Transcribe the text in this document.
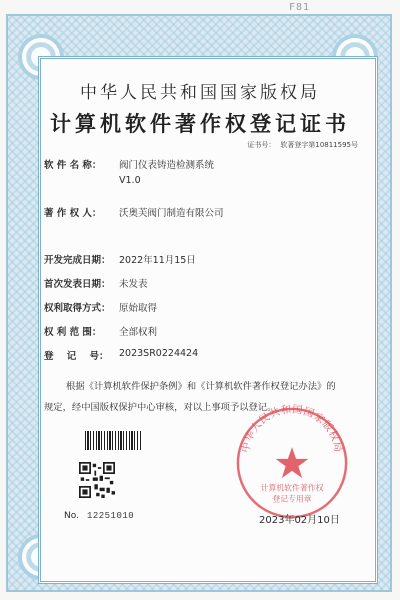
F81
中华人民共和国国家版权局
计算机软件著作权登记证书
证书号： 软著登字第10811595号
软 件 名 称：	阀门仪表铸造检测系统
V1.0
著 作 权 人：	沃奥芙阀门制造有限公司
开发完成日期： 2022年11月15日
首次发表日期： 未发表
权利取得方式： 原始取得
权 利 范 围：	全部权利
登    记    号：	2023SR0224424
根据《计算机软件保护条例》和《计算机软件著作权登记办法》的
规定，经中国版权保护中心审核，对以上事项予以登记。
No. 12251010
中华人民共和国国家版权局
计算机软件著作权
登记专用章
2023年02月10日
